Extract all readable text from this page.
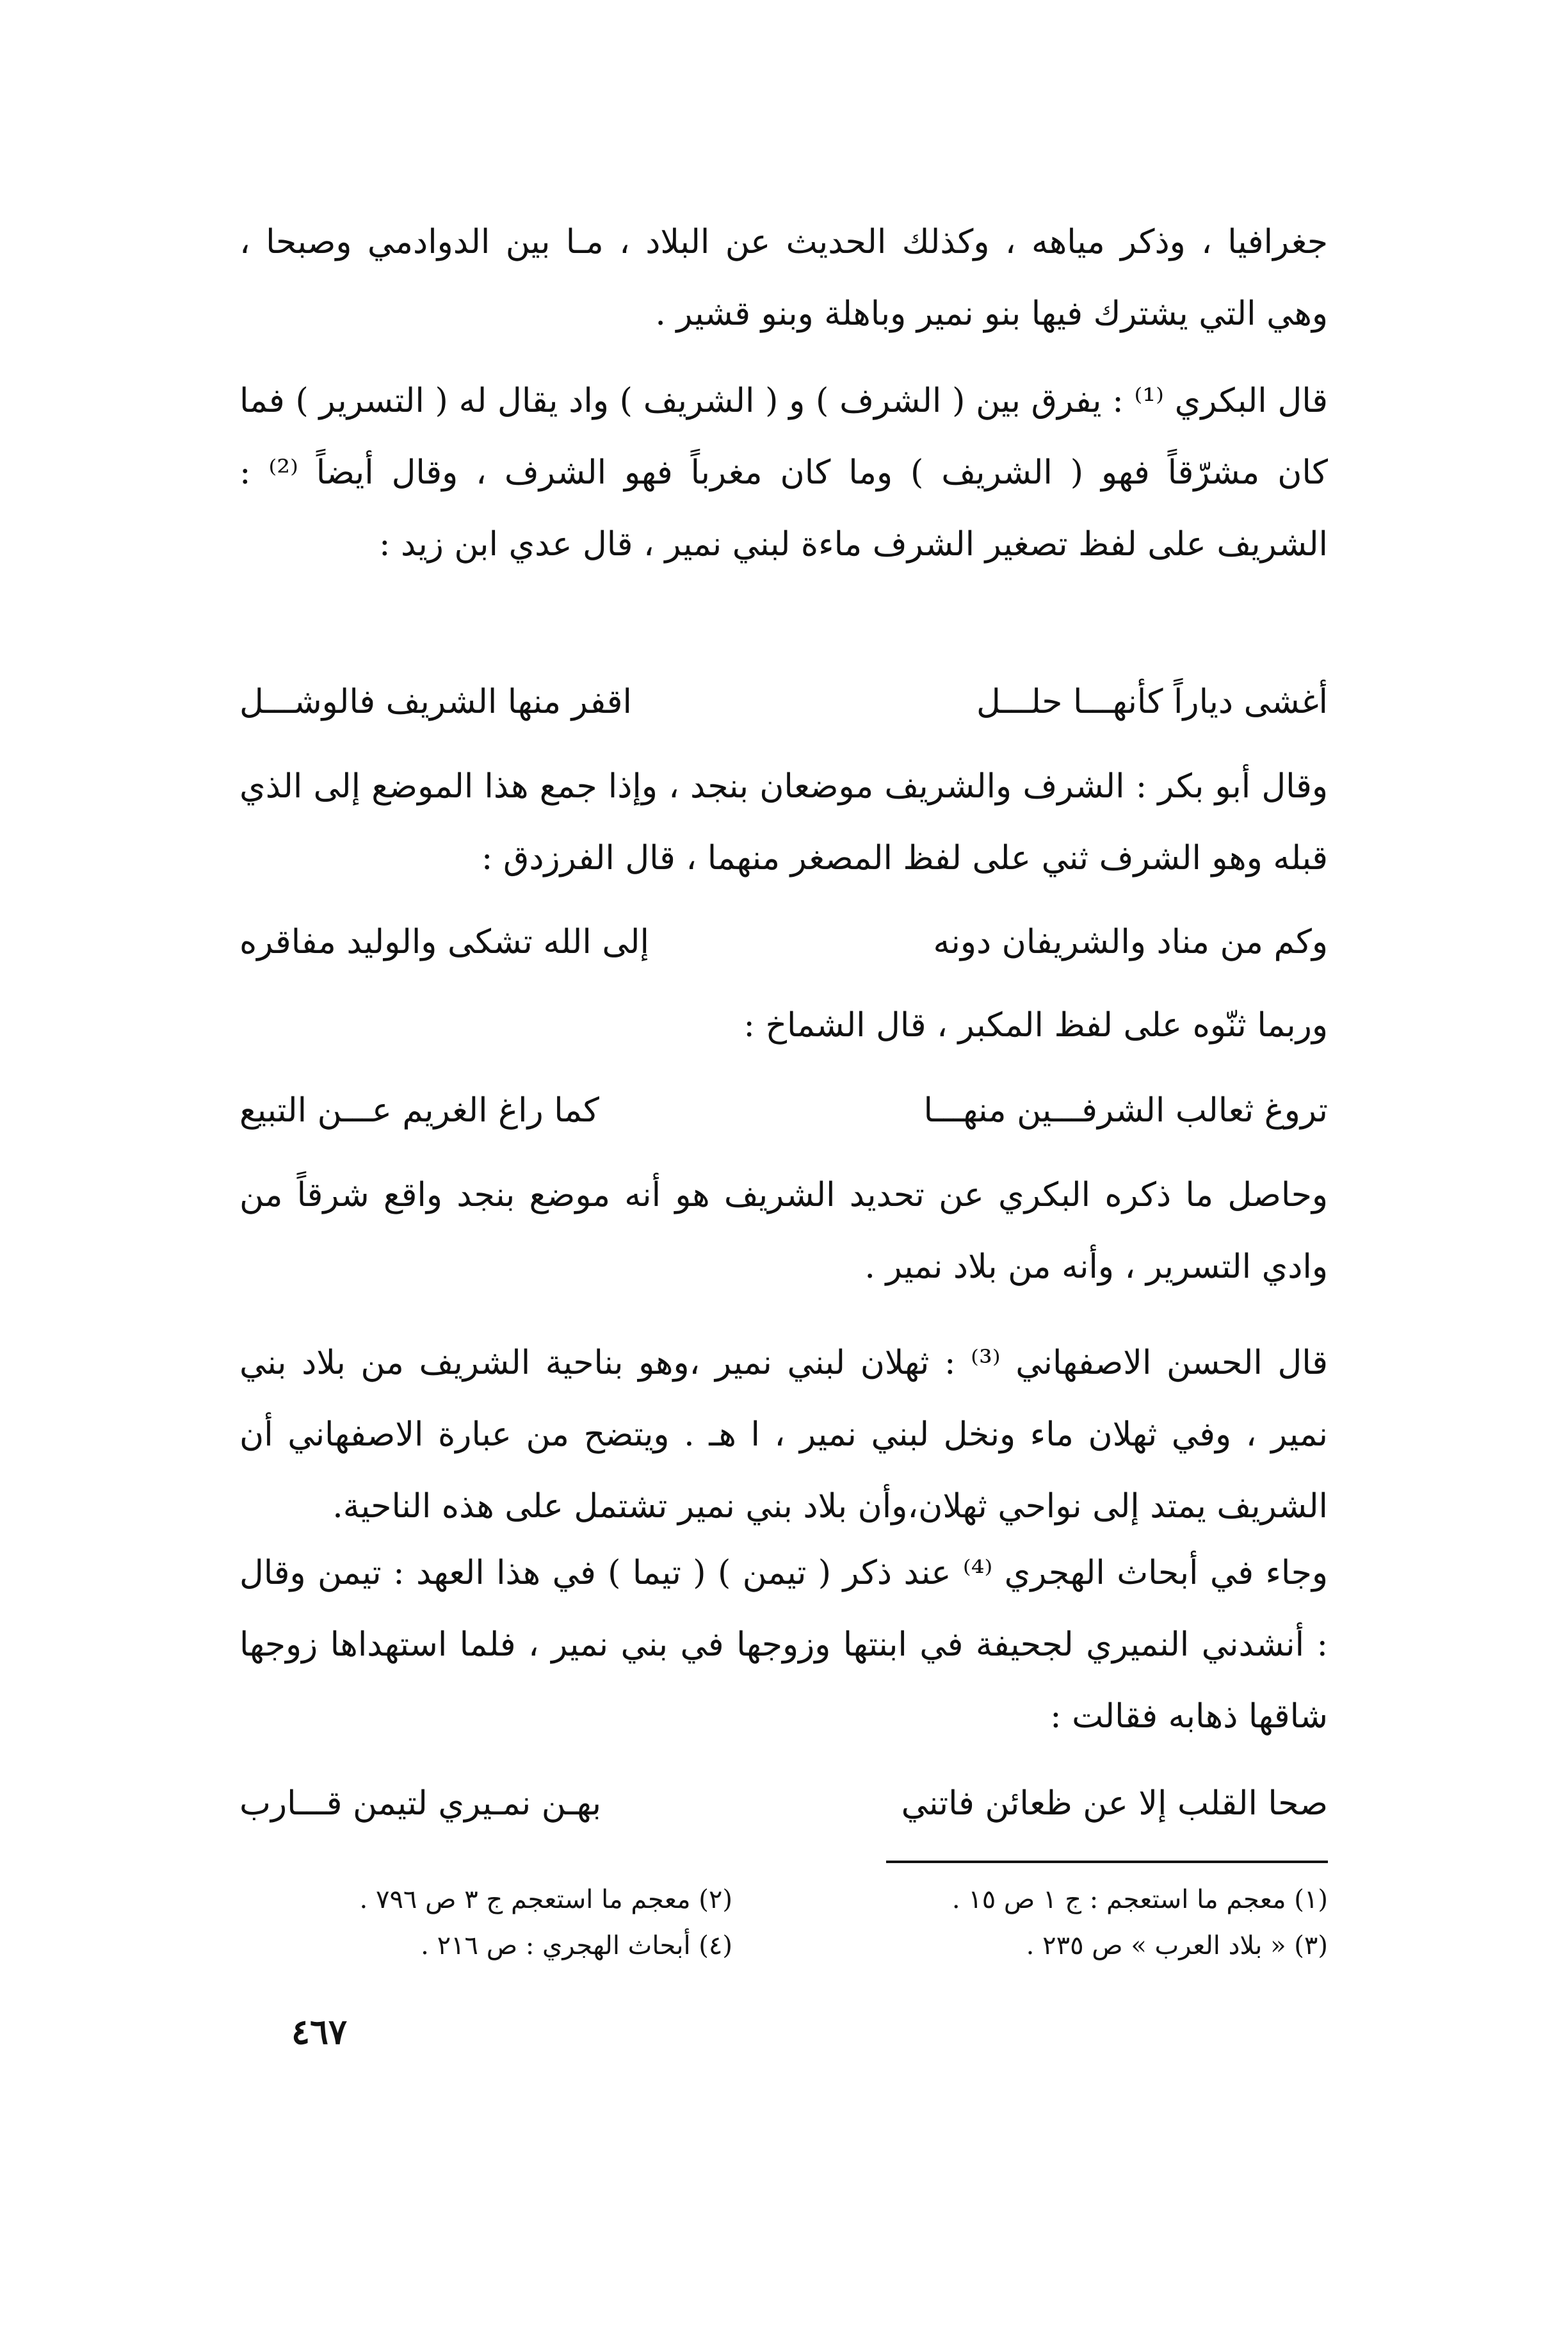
جغرافيا ، وذكر مياهه ، وكذلك الحديث عن البلاد ، مـا بين الدوادمي وصبحا ، وهي التي يشترك فيها بنو نمير وباهلة وبنو قشير .
قال البكري ⁽¹⁾ : يفرق بين ( الشرف ) و ( الشريف ) واد يقال له ( التسرير ) فما كان مشرّقاً فهو ( الشريف ) وما كان مغرباً فهو الشرف ، وقال أيضاً ⁽²⁾ : الشريف على لفظ تصغير الشرف ماءة لبني نمير ، قال عدي ابن زيد :
أغشى دياراً كأنهـــا حلـــل
اقفر منها الشريف فالوشـــل
وقال أبو بكر : الشرف والشريف موضعان بنجد ، وإذا جمع هذا الموضع إلى الذي قبله وهو الشرف ثني على لفظ المصغر منهما ، قال الفرزدق :
وكم من مناد والشريفان دونه
إلى الله تشكى والوليد مفاقره
وربما ثنّوه على لفظ المكبر ، قال الشماخ :
تروغ ثعالب الشرفـــين منهـــا
كما راغ الغريم عـــن التبيع
وحاصل ما ذكره البكري عن تحديد الشريف هو أنه موضع بنجد واقع شرقاً من وادي التسرير ، وأنه من بلاد نمير .
قال الحسن الاصفهاني ⁽³⁾ : ثهلان لبني نمير ،وهو بناحية الشريف من بلاد بني نمير ، وفي ثهلان ماء ونخل لبني نمير ، ا هـ . ويتضح من عبارة الاصفهاني أن الشريف يمتد إلى نواحي ثهلان،وأن بلاد بني نمير تشتمل على هذه الناحية.
وجاء في أبحاث الهجري ⁽⁴⁾ عند ذكر ( تيمن ) ( تيما ) في هذا العهد : تيمن وقال : أنشدني النميري لجحيفة في ابنتها وزوجها في بني نمير ، فلما استهداها زوجها شاقها ذهابه فقالت :
صحا القلب إلا عن ظعائن فاتني
بهـن نمـيري لتيمن قـــارب
(١) معجم ما استعجم : ج ١ ص ١٥ .
(٢) معجم ما استعجم ج ٣ ص ٧٩٦ .
(٣) « بلاد العرب » ص ٢٣٥ .
(٤) أبحاث الهجري : ص ٢١٦ .
٤٦٧
